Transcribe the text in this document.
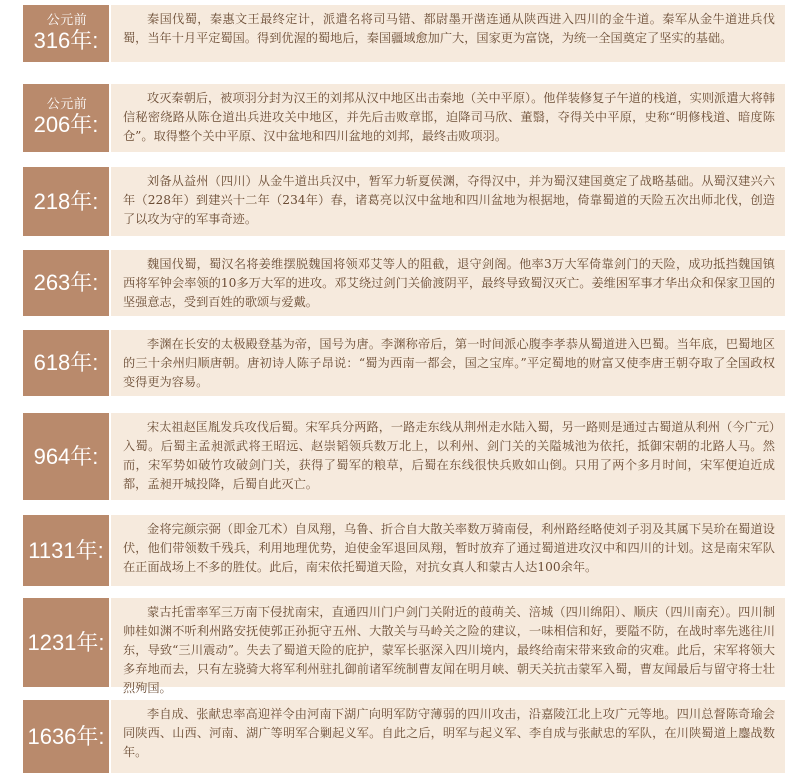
公元前
316年:
秦国伐蜀，秦惠文王最终定计，派遣名将司马错、都尉墨开凿连通从陕西进入四川的金牛道。秦军从金牛道进兵伐蜀，当年十月平定蜀国。得到优渥的蜀地后，秦国疆域愈加广大，国家更为富饶，为统一全国奠定了坚实的基础。
公元前
206年:
攻灭秦朝后，被项羽分封为汉王的刘邦从汉中地区出击秦地（关中平原）。他佯装修复子午道的栈道，实则派遣大将韩信秘密绕路从陈仓道出兵进攻关中地区，并先后击败章邯，迫降司马欣、董翳，夺得关中平原，史称“明修栈道、暗度陈仓”。取得整个关中平原、汉中盆地和四川盆地的刘邦，最终击败项羽。
218年:
刘备从益州（四川）从金牛道出兵汉中，暂军力斩夏侯渊，夺得汉中，并为蜀汉建国奠定了战略基础。从蜀汉建兴六年（228年）到建兴十二年（234年）春，诸葛亮以汉中盆地和四川盆地为根据地，倚靠蜀道的天险五次出师北伐，创造了以攻为守的军事奇迹。
263年:
魏国伐蜀，蜀汉名将姜维摆脱魏国将领邓艾等人的阻截，退守剑阁。他率3万大军倚靠剑门的天险，成功抵挡魏国镇西将军钟会率领的10多万大军的进攻。邓艾绕过剑门关偷渡阴平，最终导致蜀汉灭亡。姜维困军事才华出众和保家卫国的坚强意志，受到百姓的歌颂与爱戴。
618年:
李渊在长安的太极殿登基为帝，国号为唐。李渊称帝后，第一时间派心腹李孝恭从蜀道进入巴蜀。当年底，巴蜀地区的三十余州归顺唐朝。唐初诗人陈子昂说：“蜀为西南一都会，国之宝库。”平定蜀地的财富又使李唐王朝夺取了全国政权变得更为容易。
964年:
宋太祖赵匡胤发兵攻伐后蜀。宋军兵分两路，一路走东线从荆州走水陆入蜀，另一路则是通过古蜀道从利州（今广元）入蜀。后蜀主孟昶派武将王昭远、赵崇韬领兵数万北上，以利州、剑门关的关隘城池为依托，抵御宋朝的北路人马。然而，宋军势如破竹攻破剑门关，获得了蜀军的粮草，后蜀在东线很快兵败如山倒。只用了两个多月时间，宋军便迫近成都，孟昶开城投降，后蜀自此灭亡。
1131年:
金将完颜宗弼（即金兀术）自凤翔，乌鲁、折合自大散关率数万骑南侵，利州路经略使刘子羽及其属下吴玠在蜀道设伏，他们带领数千残兵，利用地理优势，迫使金军退回凤翔，暂时放弃了通过蜀道进攻汉中和四川的计划。这是南宋军队在正面战场上不多的胜仗。此后，南宋依托蜀道天险，对抗女真人和蒙古人达100余年。
1231年:
蒙古托雷率军三万南下侵扰南宋，直通四川门户剑门关附近的葭萌关、涪城（四川绵阳）、顺庆（四川南充）。四川制帅桂如渊不听利州路安抚使郭正孙扼守五州、大散关与马岭关之险的建议，一味相信和好，要隘不防，在战时率先逃往川东，导致“三川震动”。失去了蜀道天险的庇护，蒙军长驱深入四川境内，最终给南宋带来致命的灾难。此后，宋军将领大多弃地而去，只有左骁骑大将军利州驻扎御前诸军统制曹友闻在明月峡、朝天关抗击蒙军入蜀，曹友闻最后与留守将士壮烈殉国。
1636年:
李自成、张献忠率高迎祥令由河南下湖广向明军防守薄弱的四川攻击，沿嘉陵江北上攻广元等地。四川总督陈奇瑜会同陕西、山西、河南、湖广等明军合剿起义军。自此之后，明军与起义军、李自成与张献忠的军队，在川陕蜀道上鏖战数年。
